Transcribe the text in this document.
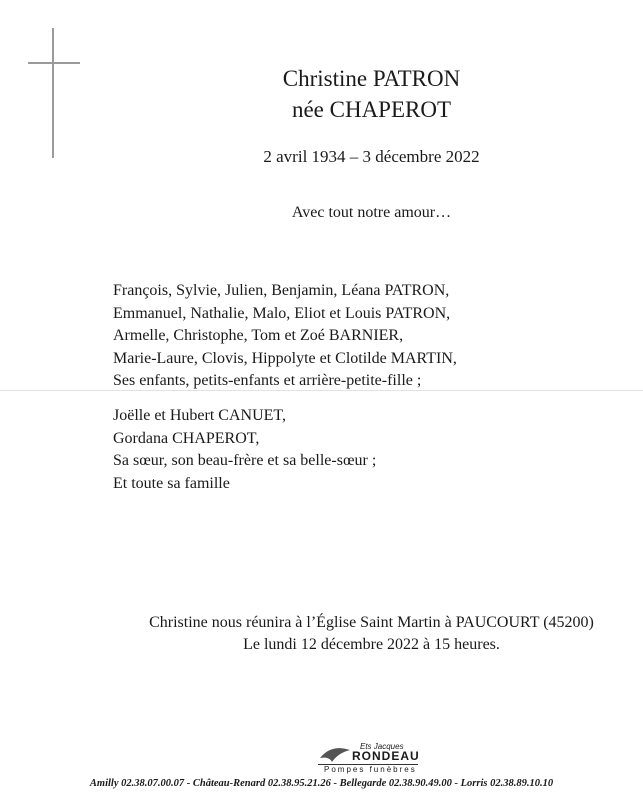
Christine PATRON
née CHAPEROT
2 avril 1934 – 3 décembre 2022
Avec tout notre amour…
François, Sylvie, Julien, Benjamin, Léana PATRON,
Emmanuel, Nathalie, Malo, Eliot et Louis PATRON,
Armelle, Christophe, Tom et Zoé BARNIER,
Marie-Laure, Clovis, Hippolyte et Clotilde MARTIN,
Ses enfants, petits-enfants et arrière-petite-fille ;
Joëlle et Hubert CANUET,
Gordana CHAPEROT,
Sa sœur, son beau-frère et sa belle-sœur ;
Et toute sa famille
Christine nous réunira à l’Église Saint Martin à PAUCOURT (45200)
Le lundi 12 décembre 2022 à 15 heures.
Ets Jacques
RONDEAU
Pompes funèbres
Amilly 02.38.07.00.07 - Château-Renard 02.38.95.21.26 - Bellegarde 02.38.90.49.00 - Lorris 02.38.89.10.10
